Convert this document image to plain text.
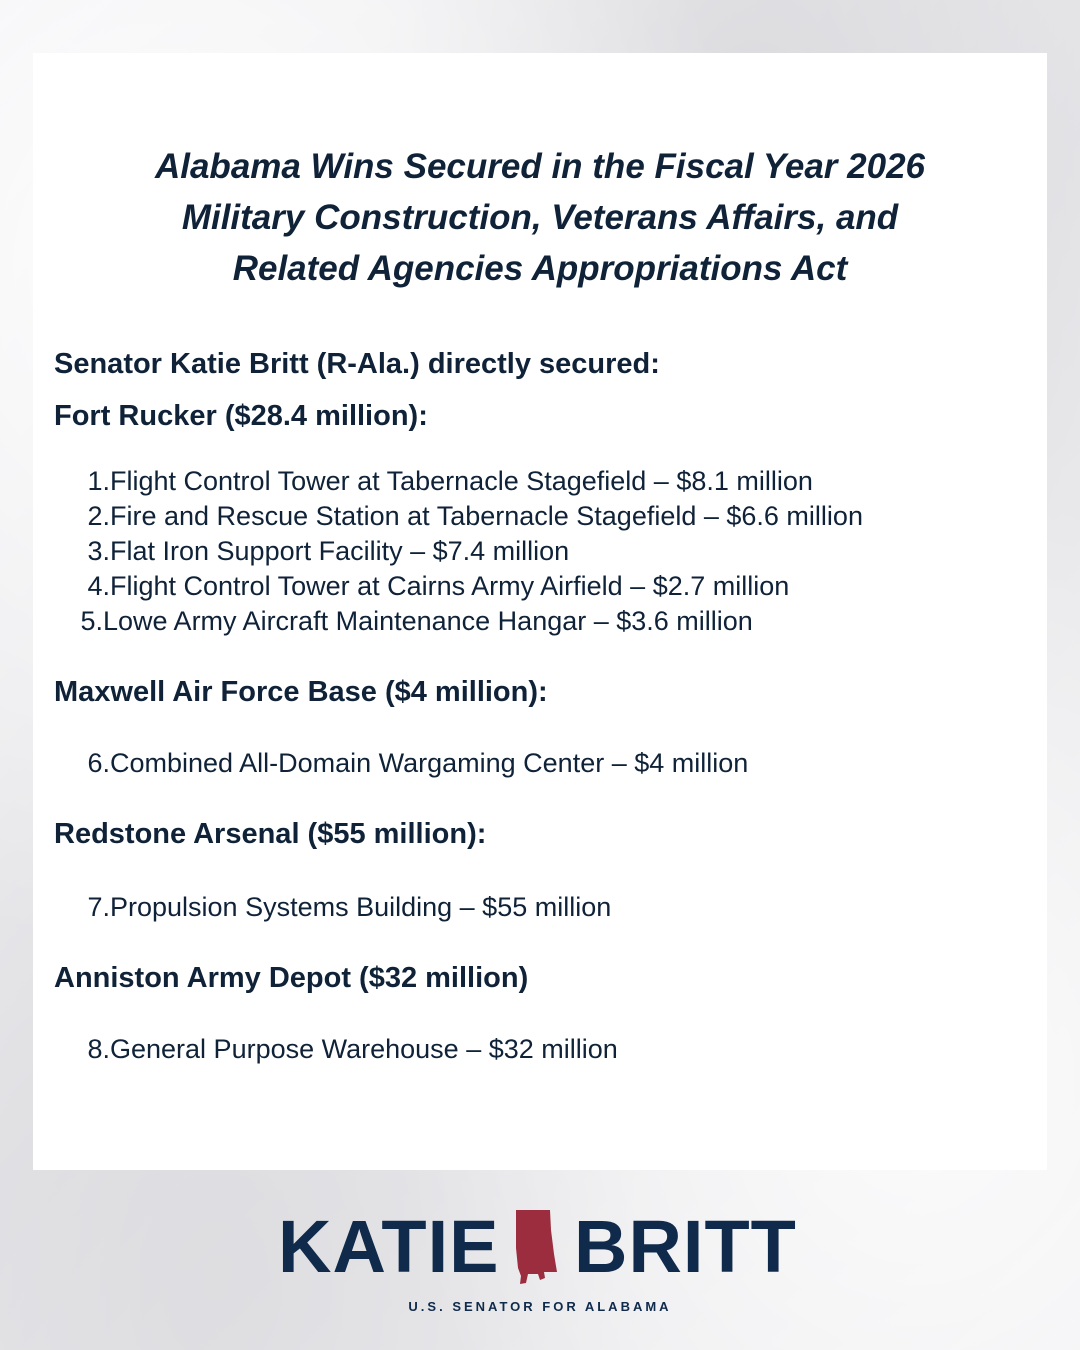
Alabama Wins Secured in the Fiscal Year 2026
Military Construction, Veterans Affairs, and
Related Agencies Appropriations Act
Senator Katie Britt (R-Ala.) directly secured:
Fort Rucker ($28.4 million):
1. Flight Control Tower at Tabernacle Stagefield – $8.1 million
2. Fire and Rescue Station at Tabernacle Stagefield – $6.6 million
3. Flat Iron Support Facility – $7.4 million
4. Flight Control Tower at Cairns Army Airfield – $2.7 million
5. Lowe Army Aircraft Maintenance Hangar – $3.6 million
Maxwell Air Force Base ($4 million):
6. Combined All-Domain Wargaming Center – $4 million
Redstone Arsenal ($55 million):
7. Propulsion Systems Building – $55 million
Anniston Army Depot ($32 million)
8. General Purpose Warehouse – $32 million
KATIE BRITT
U.S. SENATOR FOR ALABAMA
